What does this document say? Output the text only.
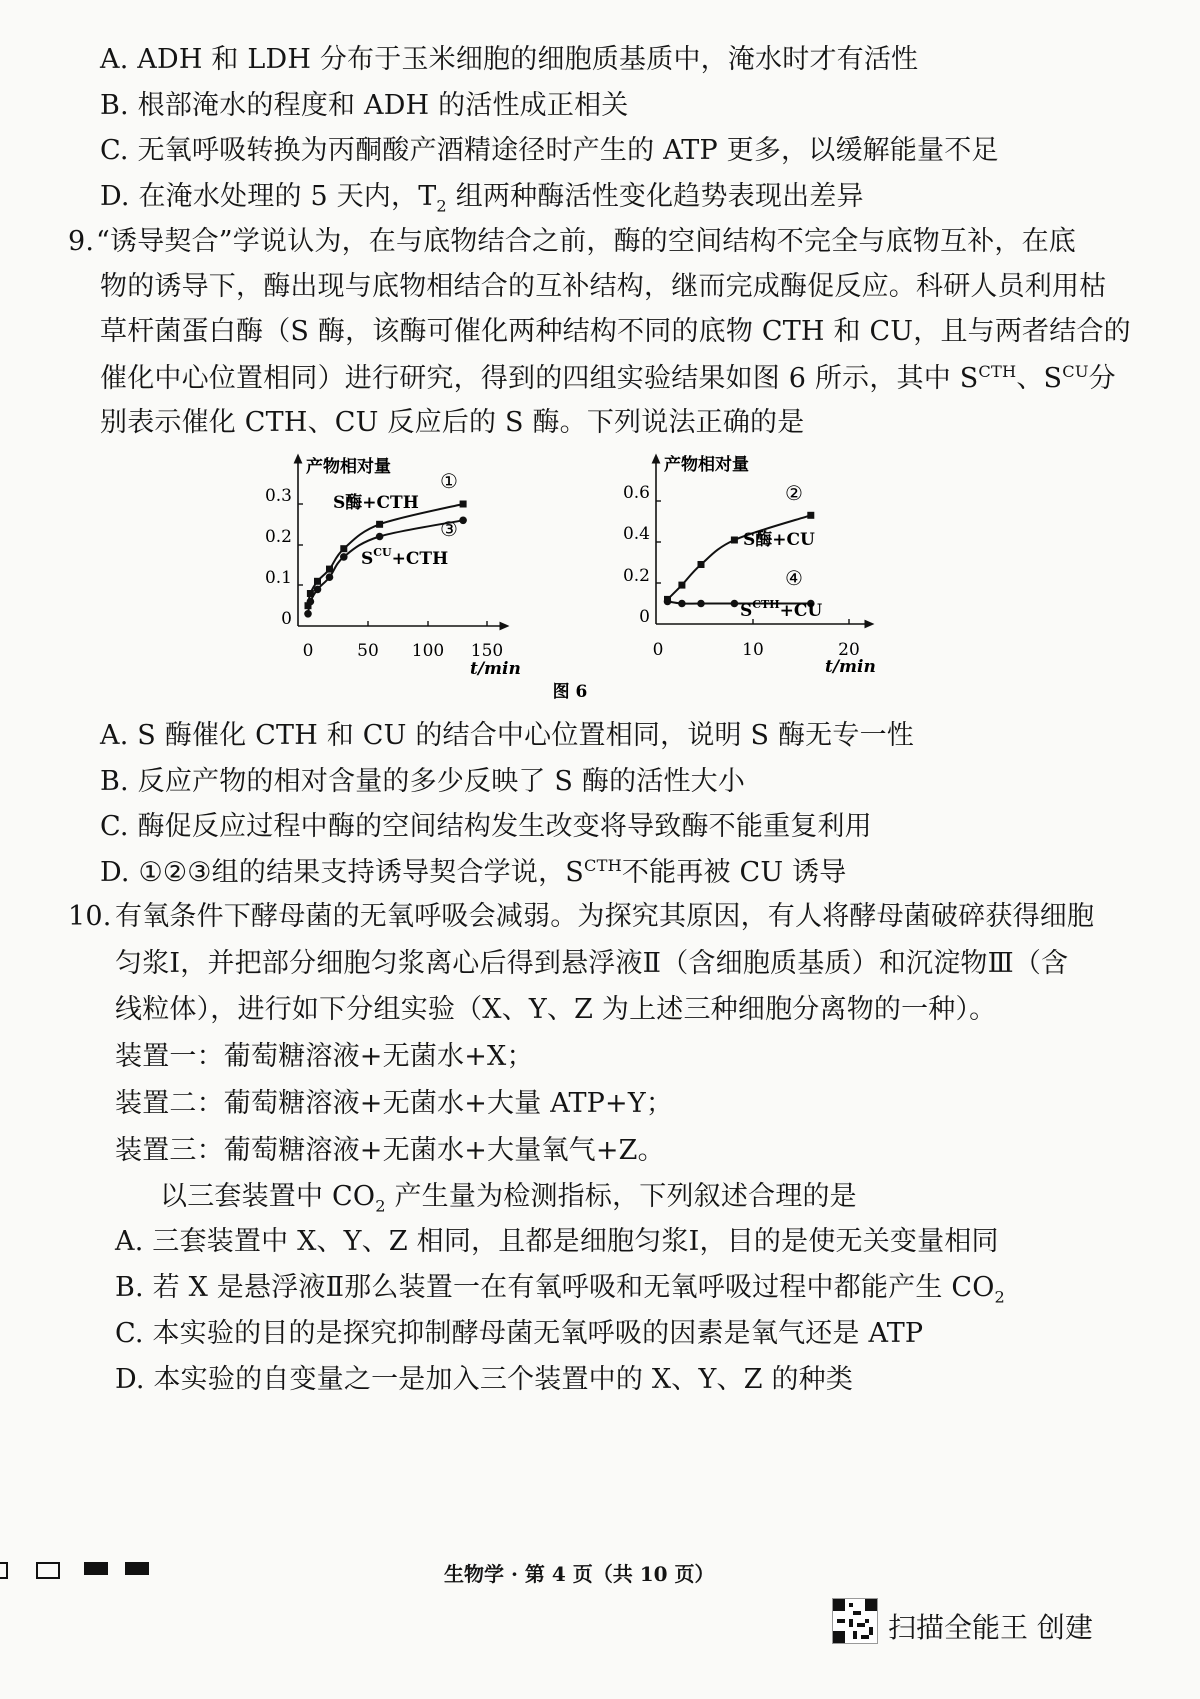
A. ADH 和 LDH 分布于玉米细胞的细胞质基质中，淹水时才有活性
B. 根部淹水的程度和 ADH 的活性成正相关
C. 无氧呼吸转换为丙酮酸产酒精途径时产生的 ATP 更多，以缓解能量不足
D. 在淹水处理的 5 天内，$T_2$ 组两种酶活性变化趋势表现出差异
9. “诱导契合”学说认为，在与底物结合之前，酶的空间结构不完全与底物互补，在底
物的诱导下，酶出现与底物相结合的互补结构，继而完成酶促反应。科研人员利用枯
草杆菌蛋白酶（S 酶，该酶可催化两种结构不同的底物 CTH 和 CU，且与两者结合的
催化中心位置相同）进行研究，得到的四组实验结果如图 6 所示，其中 $S^{CTH}$、$S^{CU}$分
别表示催化 CTH、CU 反应后的 S 酶。下列说法正确的是
产物相对量
t/min
0
0.1
0.2
0.3
0	50 100 150
①
S酶+CTH
③
$S^{CU}+CTH$
产物相对量
t/min
0
0.2
0.4
0.6
0	10	20
②
S酶+CU
④
$S^{CTH}+CU$
图 6
A. S 酶催化 CTH 和 CU 的结合中心位置相同，说明 S 酶无专一性
B. 反应产物的相对含量的多少反映了 S 酶的活性大小
C. 酶促反应过程中酶的空间结构发生改变将导致酶不能重复利用
D. ①②③组的结果支持诱导契合学说，$S^{CTH}$不能再被 CU 诱导
10. 有氧条件下酵母菌的无氧呼吸会减弱。为探究其原因，有人将酵母菌破碎获得细胞
匀浆Ⅰ，并把部分细胞匀浆离心后得到悬浮液Ⅱ（含细胞质基质）和沉淀物Ⅲ（含
线粒体），进行如下分组实验（X、Y、Z 为上述三种细胞分离物的一种）。
装置一：葡萄糖溶液+无菌水+X；
装置二：葡萄糖溶液+无菌水+大量 ATP+Y；
装置三：葡萄糖溶液+无菌水+大量氧气+Z。
以三套装置中 $CO_2$ 产生量为检测指标，下列叙述合理的是
A. 三套装置中 X、Y、Z 相同，且都是细胞匀浆Ⅰ，目的是使无关变量相同
B. 若 X 是悬浮液Ⅱ那么装置一在有氧呼吸和无氧呼吸过程中都能产生 $CO_2$
C. 本实验的目的是探究抑制酵母菌无氧呼吸的因素是氧气还是 ATP
D. 本实验的自变量之一是加入三个装置中的 X、Y、Z 的种类
生物学 · 第 4 页（共 10 页）
扫描全能王 创建
